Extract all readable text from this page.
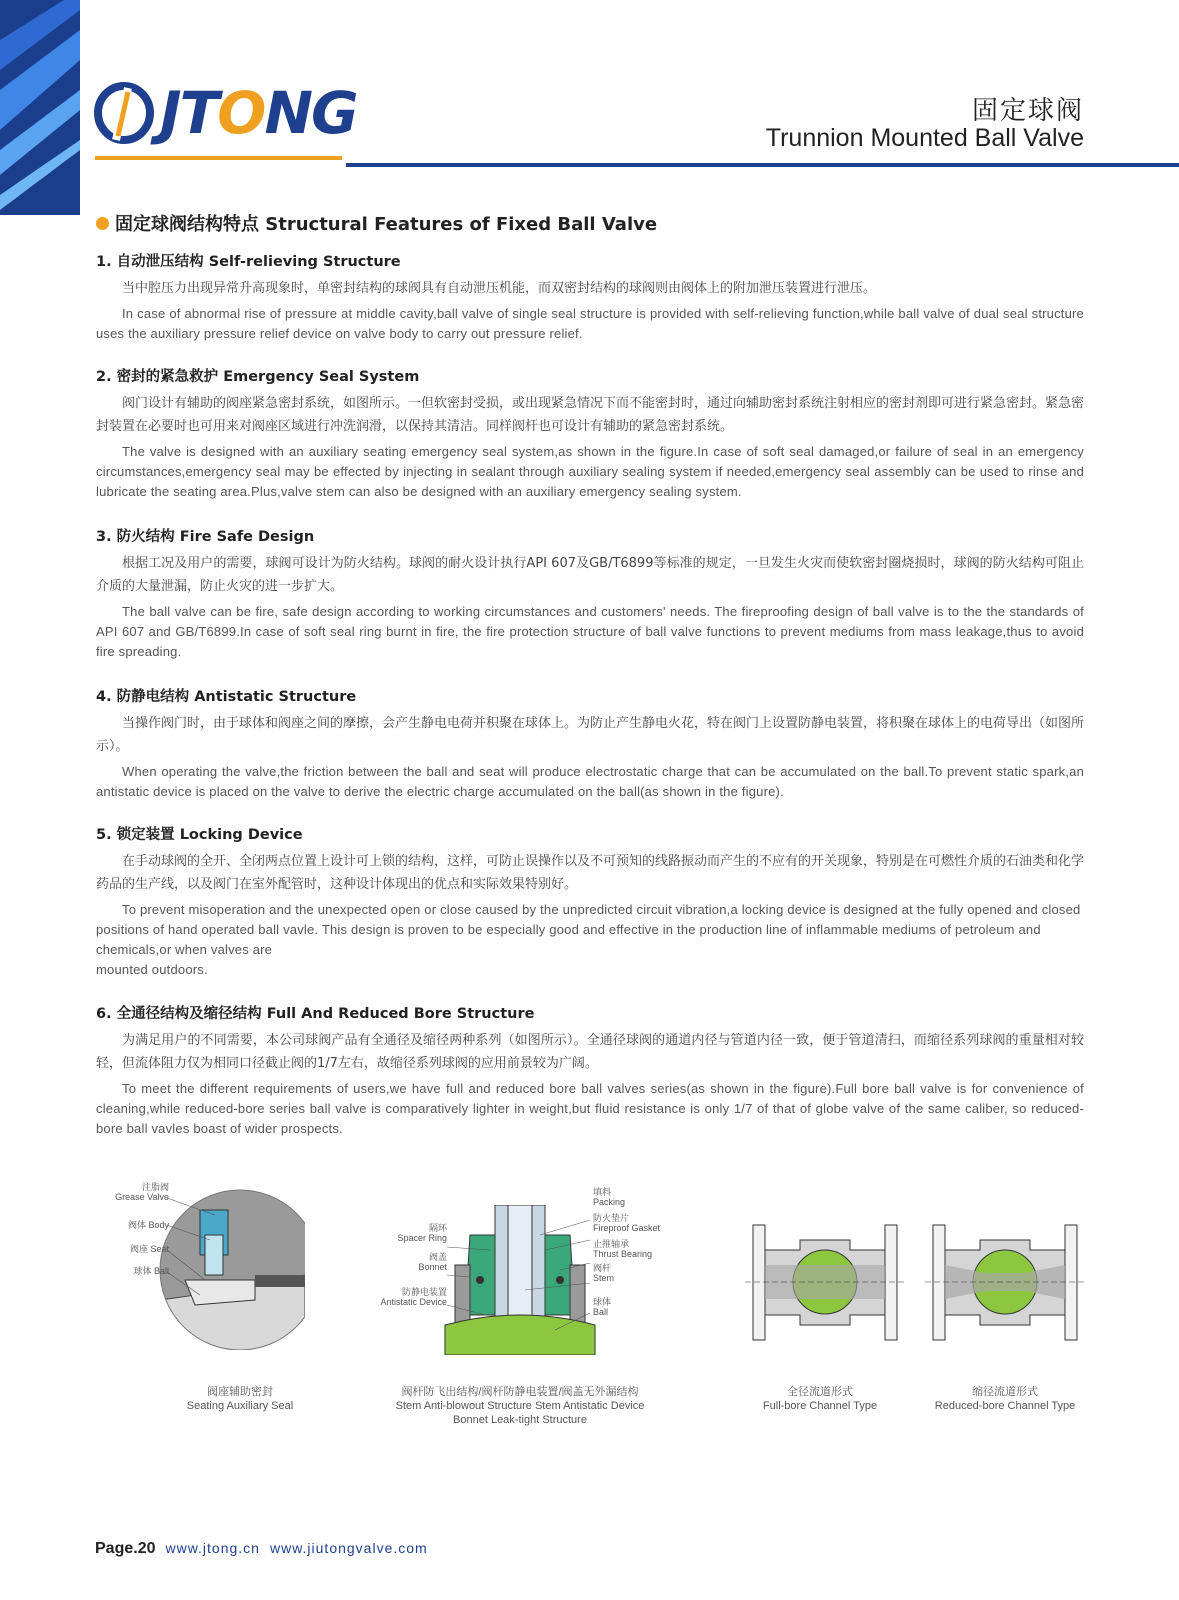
JTONG	固定球阀
Trunnion Mounted Ball Valve
固定球阀结构特点 Structural Features of Fixed Ball Valve
1. 自动泄压结构 Self-relieving Structure

当中腔压力出现异常升高现象时，单密封结构的球阀具有自动泄压机能，而双密封结构的球阀则由阀体上的附加泄压装置进行泄压。

In case of abnormal rise of pressure at middle cavity,ball valve of single seal structure is provided with self-relieving function,while ball valve of dual seal structure uses the auxiliary pressure relief device on valve body to carry out pressure relief.

2. 密封的紧急救护 Emergency Seal System

阀门设计有辅助的阀座紧急密封系统，如图所示。一但软密封受损，或出现紧急情况下而不能密封时，通过向辅助密封系统注射相应的密封剂即可进行紧急密封。紧急密封装置在必要时也可用来对阀座区域进行冲洗润滑，以保持其清洁。同样阀杆也可设计有辅助的紧急密封系统。

The valve is designed with an auxiliary seating emergency seal system,as shown in the figure.In case of soft seal damaged,or failure of seal in an emergency circumstances,emergency seal may be effected by injecting in sealant through auxiliary sealing system if needed,emergency seal assembly can be used to rinse and lubricate the seating area.Plus,valve stem can also be designed with an auxiliary emergency sealing system.

3. 防火结构 Fire Safe Design

根据工况及用户的需要，球阀可设计为防火结构。球阀的耐火设计执行API 607及GB/T6899等标准的规定，一旦发生火灾而使软密封圈烧损时，球阀的防火结构可阻止介质的大量泄漏，防止火灾的进一步扩大。

The ball valve can be fire, safe design according to working circumstances and customers' needs. The fireproofing design of ball valve is to the the standards of API 607 and GB/T6899.In case of soft seal ring burnt in fire, the fire protection structure of ball valve functions to prevent mediums from mass leakage,thus to avoid fire spreading.

4. 防静电结构 Antistatic Structure

当操作阀门时，由于球体和阀座之间的摩擦，会产生静电电荷并积聚在球体上。为防止产生静电火花，特在阀门上设置防静电装置，将积聚在球体上的电荷导出（如图所示）。

When operating the valve,the friction between the ball and seat will produce electrostatic charge that can be accumulated on the ball.To prevent static spark,an antistatic device is placed on the valve to derive the electric charge accumulated on the ball(as shown in the figure).

5. 锁定装置 Locking Device

在手动球阀的全开、全闭两点位置上设计可上锁的结构，这样，可防止误操作以及不可预知的线路振动而产生的不应有的开关现象，特别是在可燃性介质的石油类和化学药品的生产线，以及阀门在室外配管时，这种设计体现出的优点和实际效果特别好。

To prevent misoperation and the unexpected open or close caused by the unpredicted circuit vibration,a locking device is designed at the fully opened and closed positions of hand operated ball vavle. This design is proven to be especially good and effective in the production line of inflammable mediums of petroleum and chemicals,or when valves are

mounted outdoors.

6. 全通径结构及缩径结构 Full And Reduced Bore Structure

为满足用户的不同需要，本公司球阀产品有全通径及缩径两种系列（如图所示）。全通径球阀的通道内径与管道内径一致，便于管道清扫，而缩径系列球阀的重量相对较轻，但流体阻力仅为相同口径截止阀的1/7左右，故缩径系列球阀的应用前景较为广阔。

To meet the different requirements of users,we have full and reduced bore ball valves series(as shown in the figure).Full bore ball valve is for convenience of cleaning,while reduced-bore series ball valve is comparatively lighter in weight,but fluid resistance is only 1/7 of that of globe valve of the same caliber, so reduced-bore ball vavles boast of wider prospects.

注脂阀
Grease Valve
阀体 Body
阀座 Seat
球体 Ball
阀座辅助密封
Seating Auxiliary Seal
隔环
Spacer Ring
阀盖
Bonnet
防静电装置
Antistatic Device
填料
Packing
防火垫片
Fireproof Gasket
止推轴承
Thrust Bearing
阀杆
Stem
球体
Ball
阀杆防飞出结构/阀杆防静电装置/阀盖无外漏结构
Stem Anti-blowout Structure Stem Antistatic Device
Bonnet Leak-tight Structure
全径流道形式
Full-bore Channel Type
缩径流道形式
Reduced-bore Channel Type
Page.20 www.jtong.cn www.jiutongvalve.com
